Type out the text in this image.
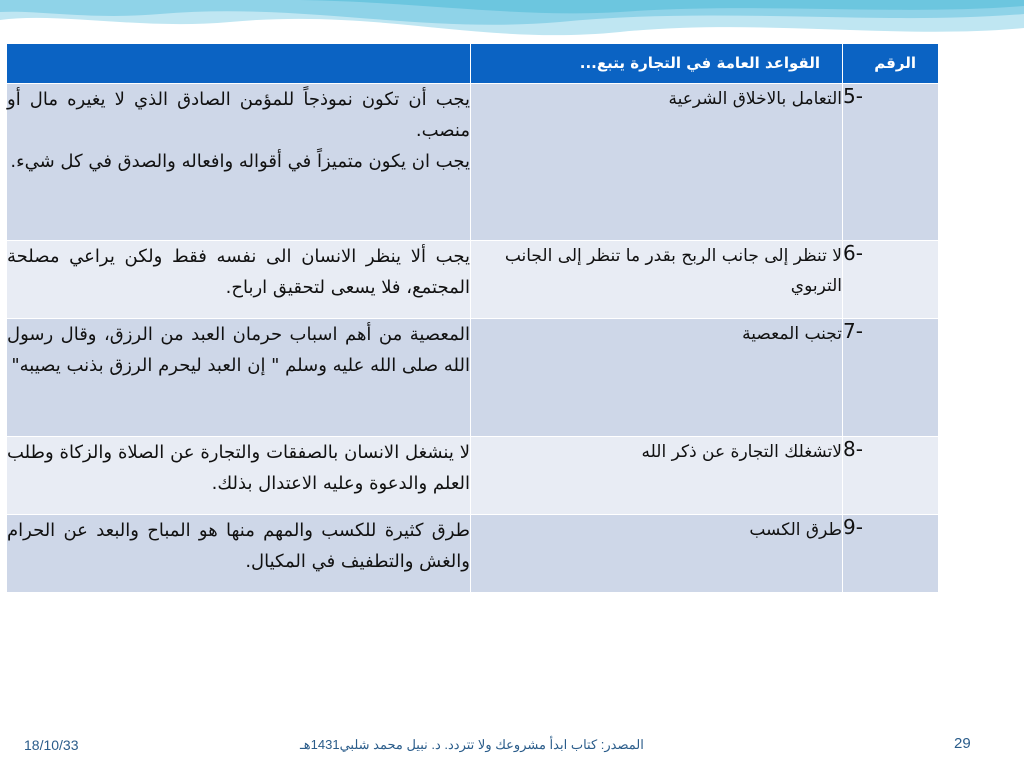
الرقم	القواعد العامة في التجارة يتبع...	
5-	التعامل بالاخلاق الشرعية	يجب أن تكون نموذجاً للمؤمن الصادق الذي لا يغيره مال أو منصب.
يجب ان يكون متميزاً في أقواله وافعاله والصدق في كل شيء.
6-	لا تنظر إلى جانب الربح بقدر ما تنظر إلى الجانب التربوي	يجب ألا ينظر الانسان الى نفسه فقط ولكن يراعي مصلحة المجتمع، فلا يسعى لتحقيق ارباح.
7-	تجنب المعصية	المعصية من أهم اسباب حرمان العبد من الرزق، وقال رسول الله صلى الله عليه وسلم " إن العبد ليحرم الرزق بذنب يصيبه"
8-	لاتشغلك التجارة عن ذكر الله	لا ينشغل الانسان بالصفقات والتجارة عن الصلاة والزكاة وطلب العلم والدعوة وعليه الاعتدال بذلك.
9-	طرق الكسب	طرق كثيرة للكسب والمهم منها هو المباح والبعد عن الحرام والغش والتطفيف في المكيال.
18/10/33	المصدر: كتاب ابدأ مشروعك ولا تتردد. د. نبيل محمد شلبي1431هـ	29
